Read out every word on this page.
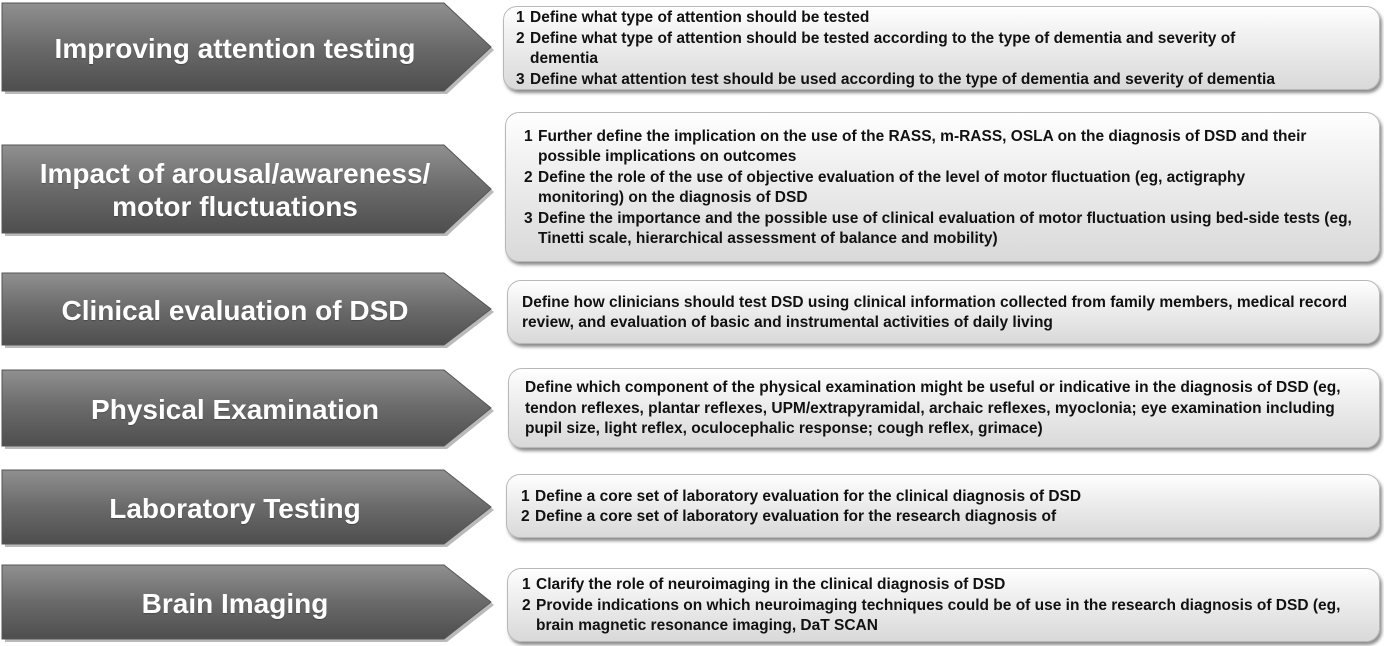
Improving attention testing
1 Define what type of attention should be tested
2 Define what type of attention should be tested according to the type of dementia and severity of dementia
3 Define what attention test should be used according to the type of dementia and severity of dementia
Impact of arousal/awareness/
motor fluctuations
1 Further define the implication on the use of the RASS, m-RASS, OSLA on the diagnosis of DSD and their possible implications on outcomes
2 Define the role of the use of objective evaluation of the level of motor fluctuation (eg, actigraphy monitoring) on the diagnosis of DSD
3 Define the importance and the possible use of clinical evaluation of motor fluctuation using bed-side tests (eg, Tinetti scale, hierarchical assessment of balance and mobility)
Clinical evaluation of DSD	Define how clinicians should test DSD using clinical information collected from family members, medical record review, and evaluation of basic and instrumental activities of daily living
Physical Examination
Define which component of the physical examination might be useful or indicative in the diagnosis of DSD (eg, tendon reflexes, plantar reflexes, UPM/extrapyramidal, archaic reflexes, myoclonia; eye examination including pupil size, light reflex, oculocephalic response; cough reflex, grimace)
Laboratory Testing	1 Define a core set of laboratory evaluation for the clinical diagnosis of DSD
2 Define a core set of laboratory evaluation for the research diagnosis of
Brain Imaging
1 Clarify the role of neuroimaging in the clinical diagnosis of DSD
2 Provide indications on which neuroimaging techniques could be of use in the research diagnosis of DSD (eg, brain magnetic resonance imaging, DaT SCAN
